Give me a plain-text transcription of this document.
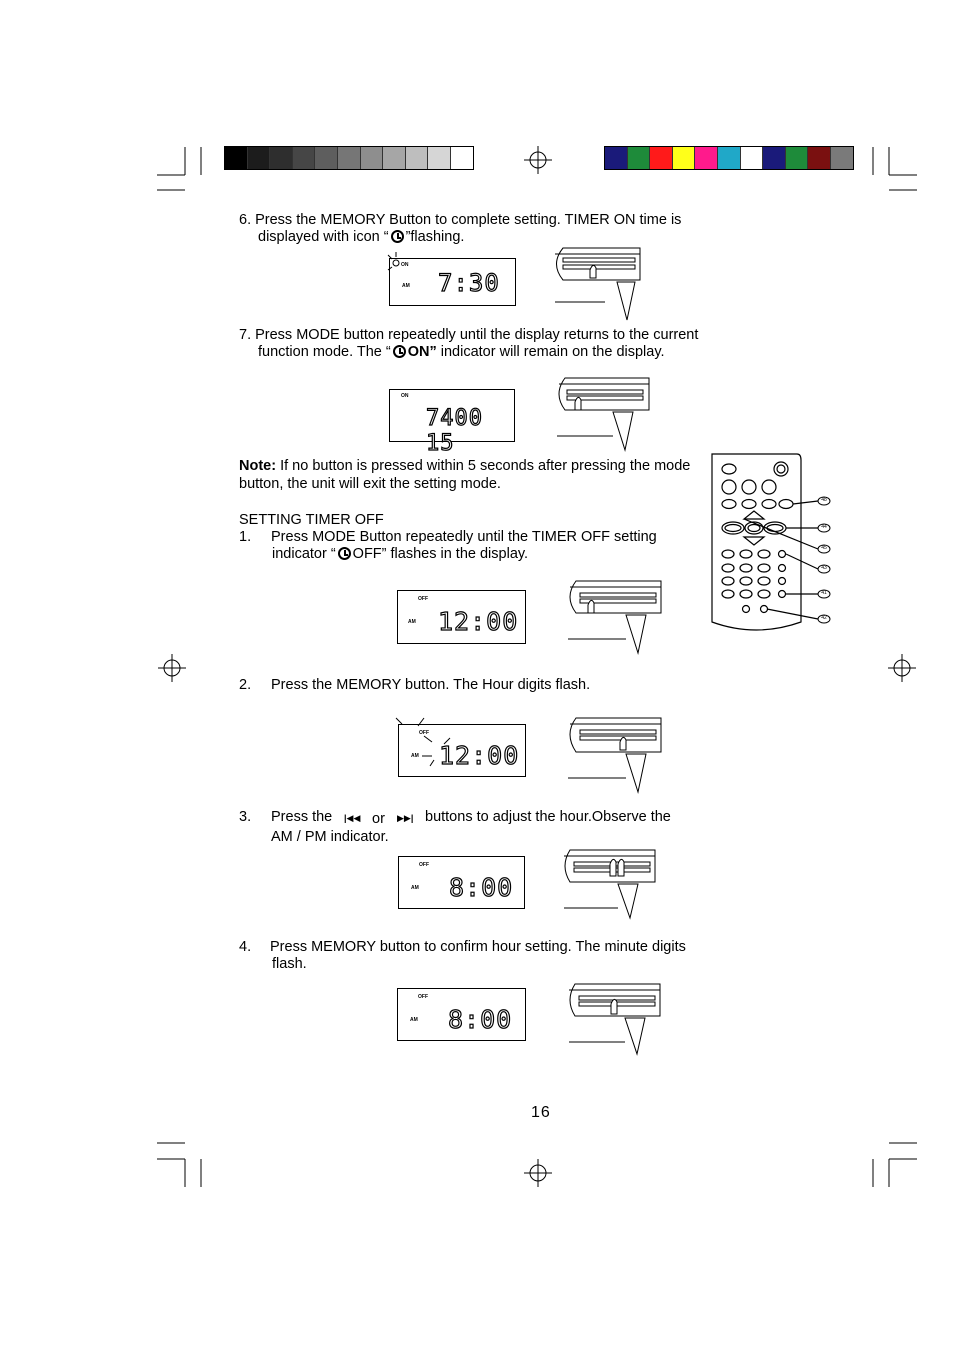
6. Press the MEMORY Button to complete setting. TIMER ON time is
displayed with icon “ ”flashing.
ON
AM 7:30
7. Press MODE button repeatedly until the display returns to the current
function mode. The “ ON” indicator will remain on the display.
ON
7400 15
Note: If no button is pressed within 5 seconds after pressing the mode
button, the unit will exit the setting mode.
48
44
45
43
41
42
SETTING TIMER OFF
1. Press MODE Button repeatedly until the TIMER OFF setting
indicator “ OFF” flashes in the display.
OFF
AM 12:00
2. Press the MEMORY button. The Hour digits flash.
OFF
AM 12:00
3. Press the |◀◀ or ▶▶| buttons to adjust the hour.Observe the
AM / PM indicator.
OFF
AM 8:00
4. Press MEMORY button to confirm hour setting. The minute digits
flash.
OFF
AM 8:00
16
